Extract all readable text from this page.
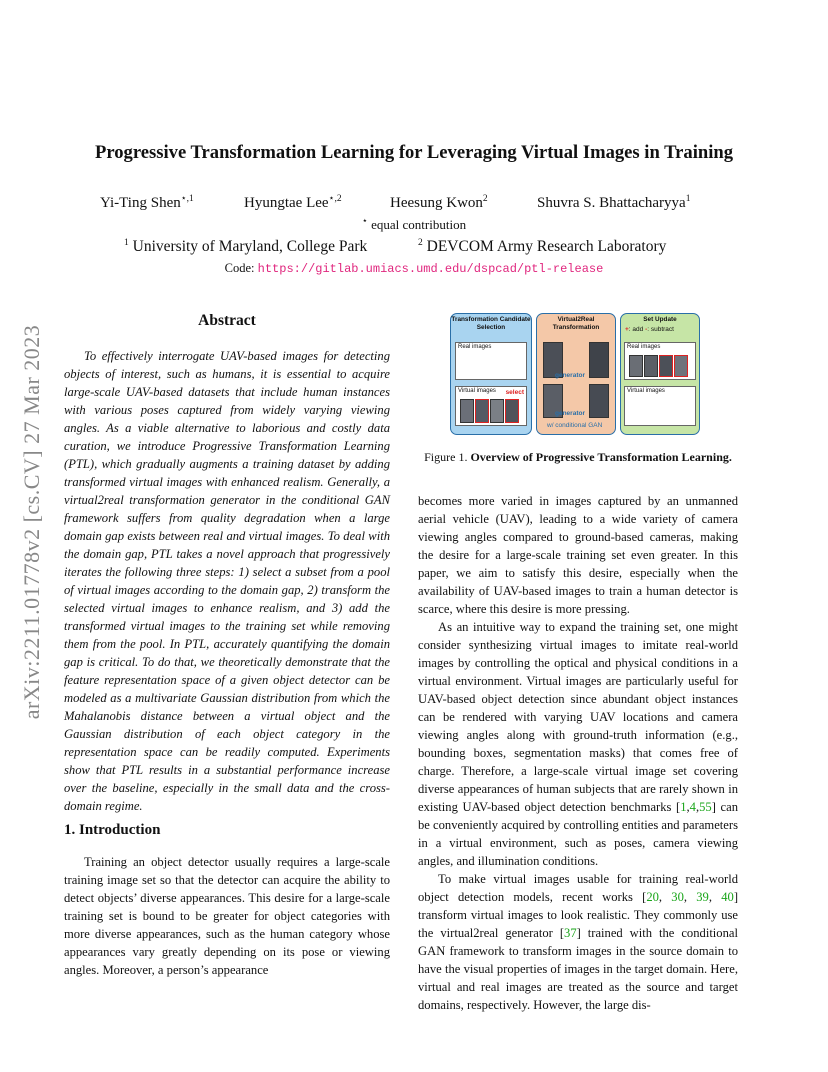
Progressive Transformation Learning for Leveraging Virtual Images in Training
Yi-Ting Shen$^{⋆,1}$	Hyungtae Lee$^{⋆,2}$	Heesung Kwon$^2$	Shuvra S. Bhattacharyya$^1$
⋆ equal contribution
$^1$ University of Maryland, College Park	$^2$ DEVCOM Army Research Laboratory
Code: https://gitlab.umiacs.umd.edu/dspcad/ptl-release
arXiv:2211.01778v2 [cs.CV] 27 Mar 2023
Abstract
To effectively interrogate UAV-based images for detecting objects of interest, such as humans, it is essential to acquire large-scale UAV-based datasets that include human instances with various poses captured from widely varying viewing angles. As a viable alternative to laborious and costly data curation, we introduce Progressive Transformation Learning (PTL), which gradually augments a training dataset by adding transformed virtual images with enhanced realism. Generally, a virtual2real transformation generator in the conditional GAN framework suffers from quality degradation when a large domain gap exists between real and virtual images. To deal with the domain gap, PTL takes a novel approach that progressively iterates the following three steps: 1) select a subset from a pool of virtual images according to the domain gap, 2) transform the selected virtual images to enhance realism, and 3) add the transformed virtual images to the training set while removing them from the pool. In PTL, accurately quantifying the domain gap is critical. To do that, we theoretically demonstrate that the feature representation space of a given object detector can be modeled as a multivariate Gaussian distribution from which the Mahalanobis distance between a virtual object and the Gaussian distribution of each object category in the representation space can be readily computed. Experiments show that PTL results in a substantial performance increase over the baseline, especially in the small data and the cross-domain regime.
1. Introduction
Training an object detector usually requires a large-scale training image set so that the detector can acquire the ability to detect objects’ diverse appearances. This desire for a large-scale training set is bound to be greater for object categories with more diverse appearances, such as the human category whose appearances vary greatly depending on its pose or viewing angles. Moreover, a person’s appearance
Transformation Candidate Selection
Real images
Virtual images select
Virtual2Real Transformation
generator
generator
w/ conditional GAN
Set Update
+: add -: subtract
Real images
Virtual images
Figure 1. Overview of Progressive Transformation Learning.

becomes more varied in images captured by an unmanned aerial vehicle (UAV), leading to a wide variety of camera viewing angles compared to ground-based cameras, making the desire for a large-scale training set even greater. In this paper, we aim to satisfy this desire, especially when the availability of UAV-based images to train a human detector is scarce, where this desire is more pressing.

As an intuitive way to expand the training set, one might consider synthesizing virtual images to imitate real-world images by controlling the optical and physical conditions in a virtual environment. Virtual images are particularly useful for UAV-based object detection since abundant object instances can be rendered with varying UAV locations and camera viewing angles along with ground-truth information (e.g., bounding boxes, segmentation masks) that comes free of charge. Therefore, a large-scale virtual image set covering diverse appearances of human subjects that are rarely shown in existing UAV-based object detection benchmarks [1,4,55] can be conveniently acquired by controlling entities and parameters in a virtual environment, such as poses, camera viewing angles, and illumination conditions.

To make virtual images usable for training real-world object detection models, recent works [20, 30, 39, 40] transform virtual images to look realistic. They commonly use the virtual2real generator [37] trained with the conditional GAN framework to transform images in the source domain to have the visual properties of images in the target domain. Here, virtual and real images are treated as the source and target domains, respectively. However, the large dis-
